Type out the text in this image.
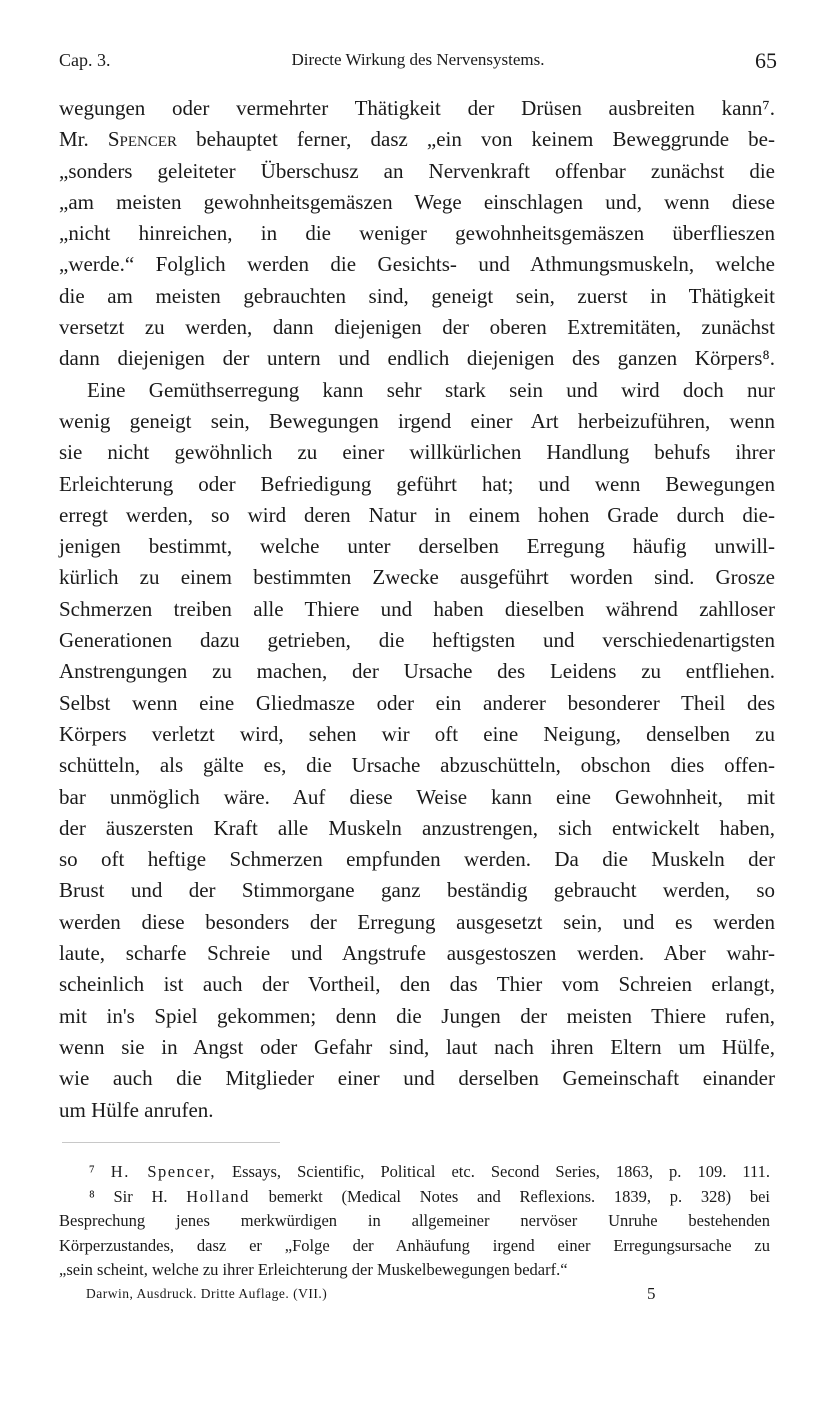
Cap. 3.	Directe Wirkung des Nervensystems.	65
wegungen oder vermehrter Thätigkeit der Drüsen ausbreiten kann⁷.
Mr. Spencer behauptet ferner, dasz „ein von keinem Beweggrunde be-
„sonders geleiteter Überschusz an Nervenkraft offenbar zunächst die
„am meisten gewohnheitsgemäszen Wege einschlagen und, wenn diese
„nicht hinreichen, in die weniger gewohnheitsgemäszen überflieszen
„werde.“ Folglich werden die Gesichts- und Athmungsmuskeln, welche
die am meisten gebrauchten sind, geneigt sein, zuerst in Thätigkeit
versetzt zu werden, dann diejenigen der oberen Extremitäten, zunächst
dann diejenigen der untern und endlich diejenigen des ganzen Körpers⁸.
Eine Gemüthserregung kann sehr stark sein und wird doch nur
wenig geneigt sein, Bewegungen irgend einer Art herbeizuführen, wenn
sie nicht gewöhnlich zu einer willkürlichen Handlung behufs ihrer
Erleichterung oder Befriedigung geführt hat; und wenn Bewegungen
erregt werden, so wird deren Natur in einem hohen Grade durch die-
jenigen bestimmt, welche unter derselben Erregung häufig unwill-
kürlich zu einem bestimmten Zwecke ausgeführt worden sind. Grosze
Schmerzen treiben alle Thiere und haben dieselben während zahlloser
Generationen dazu getrieben, die heftigsten und verschiedenartigsten
Anstrengungen zu machen, der Ursache des Leidens zu entfliehen.
Selbst wenn eine Gliedmasze oder ein anderer besonderer Theil des
Körpers verletzt wird, sehen wir oft eine Neigung, denselben zu
schütteln, als gälte es, die Ursache abzuschütteln, obschon dies offen-
bar unmöglich wäre. Auf diese Weise kann eine Gewohnheit, mit
der äuszersten Kraft alle Muskeln anzustrengen, sich entwickelt haben,
so oft heftige Schmerzen empfunden werden. Da die Muskeln der
Brust und der Stimmorgane ganz beständig gebraucht werden, so
werden diese besonders der Erregung ausgesetzt sein, und es werden
laute, scharfe Schreie und Angstrufe ausgestoszen werden. Aber wahr-
scheinlich ist auch der Vortheil, den das Thier vom Schreien erlangt,
mit in's Spiel gekommen; denn die Jungen der meisten Thiere rufen,
wenn sie in Angst oder Gefahr sind, laut nach ihren Eltern um Hülfe,
wie auch die Mitglieder einer und derselben Gemeinschaft einander
um Hülfe anrufen.
⁷ H. Spencer, Essays, Scientific, Political etc. Second Series, 1863, p. 109. 111.
⁸ Sir H. Holland bemerkt (Medical Notes and Reflexions. 1839, p. 328) bei
Besprechung jenes merkwürdigen in allgemeiner nervöser Unruhe bestehenden
Körperzustandes, dasz er „Folge der Anhäufung irgend einer Erregungsursache zu
„sein scheint, welche zu ihrer Erleichterung der Muskelbewegungen bedarf.“
Darwin, Ausdruck. Dritte Auflage. (VII.)	5
